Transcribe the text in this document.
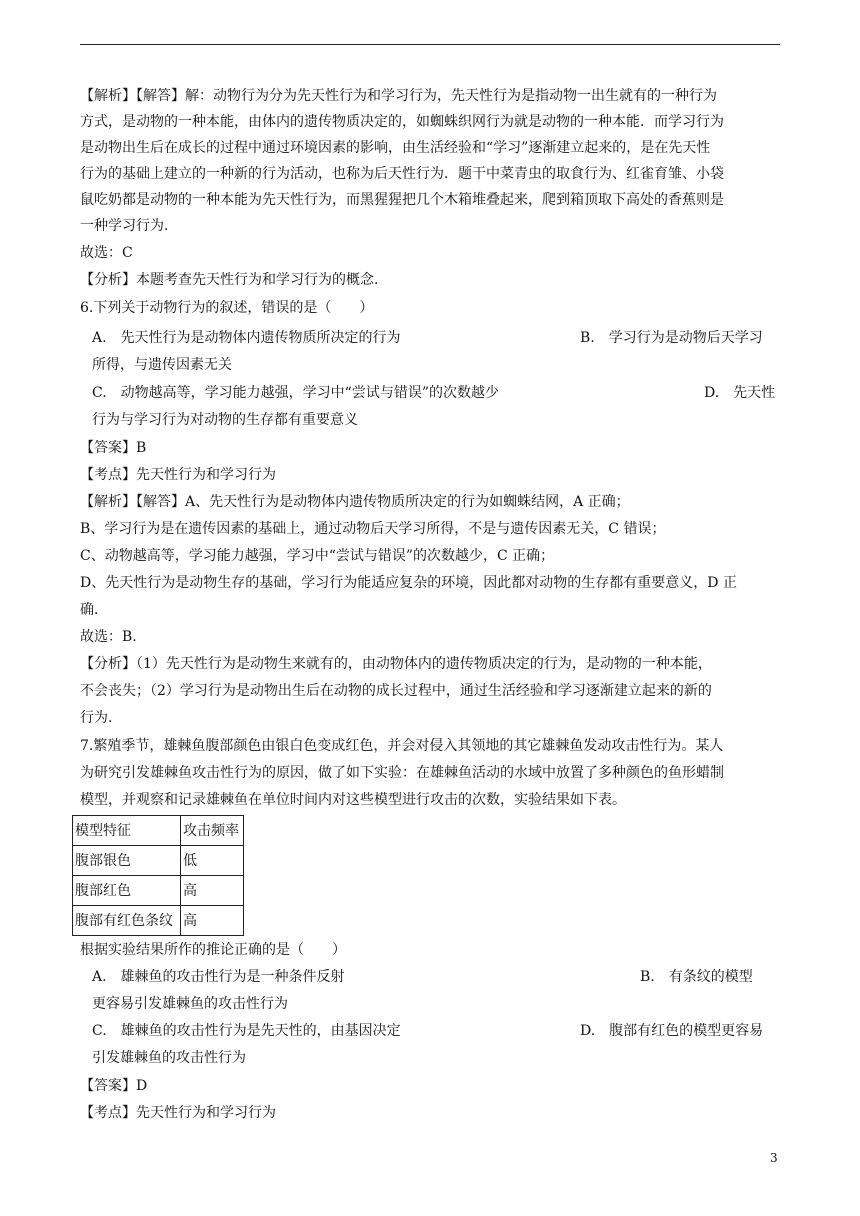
【解析】【解答】解：动物行为分为先天性行为和学习行为，先天性行为是指动物一出生就有的一种行为
方式，是动物的一种本能，由体内的遗传物质决定的，如蜘蛛织网行为就是动物的一种本能．而学习行为
是动物出生后在成长的过程中通过环境因素的影响，由生活经验和“学习”逐渐建立起来的，是在先天性
行为的基础上建立的一种新的行为活动，也称为后天性行为．题干中菜青虫的取食行为、红雀育雏、小袋
鼠吃奶都是动物的一种本能为先天性行为，而黑猩猩把几个木箱堆叠起来，爬到箱顶取下高处的香蕉则是
一种学习行为．
故选：C
【分析】本题考查先天性行为和学习行为的概念.
6.下列关于动物行为的叙述，错误的是（　　）
A.　先天性行为是动物体内遗传物质所决定的行为	B.　学习行为是动物后天学习
所得，与遗传因素无关
C.　动物越高等，学习能力越强，学习中“尝试与错误”的次数越少	D.　先天性
行为与学习行为对动物的生存都有重要意义
【答案】B
【考点】先天性行为和学习行为
【解析】【解答】A、先天性行为是动物体内遗传物质所决定的行为如蜘蛛结网，A 正确；
B、学习行为是在遗传因素的基础上，通过动物后天学习所得，不是与遗传因素无关，C 错误；
C、动物越高等，学习能力越强，学习中“尝试与错误”的次数越少，C 正确；
D、先天性行为是动物生存的基础，学习行为能适应复杂的环境，因此都对动物的生存都有重要意义，D 正
确．
故选：B.
【分析】（1）先天性行为是动物生来就有的，由动物体内的遗传物质决定的行为，是动物的一种本能，
不会丧失；（2）学习行为是动物出生后在动物的成长过程中，通过生活经验和学习逐渐建立起来的新的
行为.
7.繁殖季节，雄棘鱼腹部颜色由银白色变成红色，并会对侵入其领地的其它雄棘鱼发动攻击性行为。某人
为研究引发雄棘鱼攻击性行为的原因，做了如下实验：在雄棘鱼活动的水域中放置了多种颜色的鱼形蜡制
模型，并观察和记录雄棘鱼在单位时间内对这些模型进行攻击的次数，实验结果如下表。
模型特征	攻击频率
腹部银色	低
腹部红色	高
腹部有红色条纹	高
根据实验结果所作的推论正确的是（　　）
A.　雄棘鱼的攻击性行为是一种条件反射	B.　有条纹的模型
更容易引发雄棘鱼的攻击性行为
C.　雄棘鱼的攻击性行为是先天性的，由基因决定	D.　腹部有红色的模型更容易
引发雄棘鱼的攻击性行为
【答案】D
【考点】先天性行为和学习行为
3
